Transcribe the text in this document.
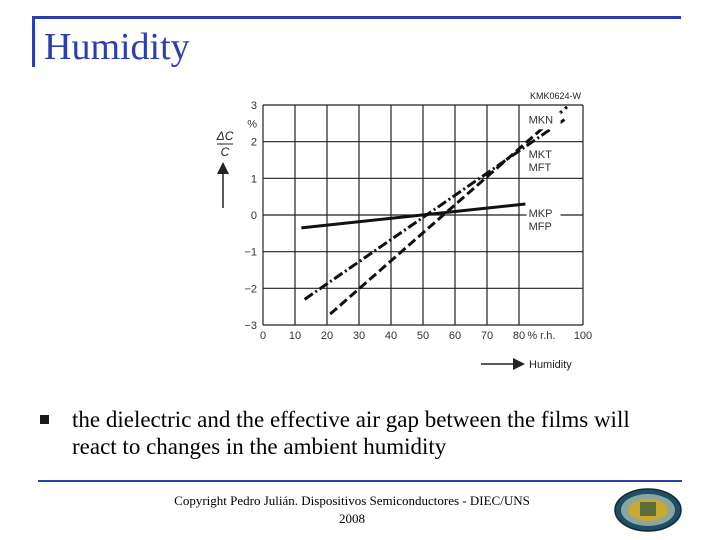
Humidity
0 10 20 30 40 50 60 70 80	100
3
2
1
0
−1
−2
−3
%
% r.h.
MKN
MKT
MFT
MKP
MFP
KMK0624-W
ΔC
C
Humidity
the dielectric and the effective air gap between the films will react to changes in the ambient humidity
Copyright Pedro Julián. Dispositivos Semiconductores - DIEC/UNS
2008
